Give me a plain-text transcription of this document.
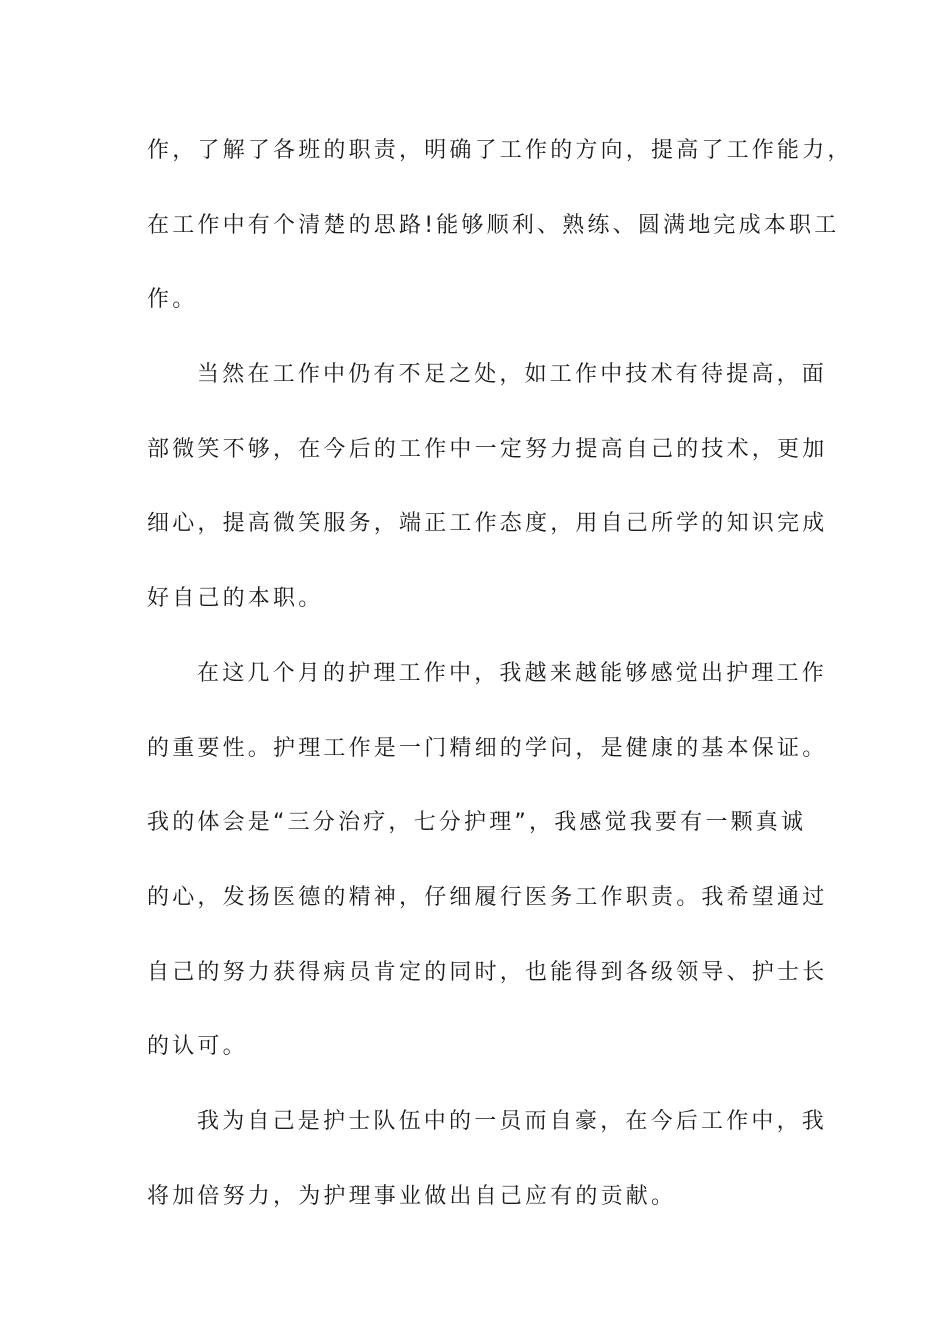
作，了解了各班的职责，明确了工作的方向，提高了工作能力，
在工作中有个清楚的思路!能够顺利、熟练、圆满地完成本职工
作。
当然在工作中仍有不足之处，如工作中技术有待提高，面
部微笑不够，在今后的工作中一定努力提高自己的技术，更加
细心，提高微笑服务，端正工作态度，用自己所学的知识完成
好自己的本职。
在这几个月的护理工作中，我越来越能够感觉出护理工作
的重要性。护理工作是一门精细的学问，是健康的基本保证。
我的体会是“三分治疗，七分护理”，我感觉我要有一颗真诚
的心，发扬医德的精神，仔细履行医务工作职责。我希望通过
自己的努力获得病员肯定的同时，也能得到各级领导、护士长
的认可。
我为自己是护士队伍中的一员而自豪，在今后工作中，我
将加倍努力，为护理事业做出自己应有的贡献。
